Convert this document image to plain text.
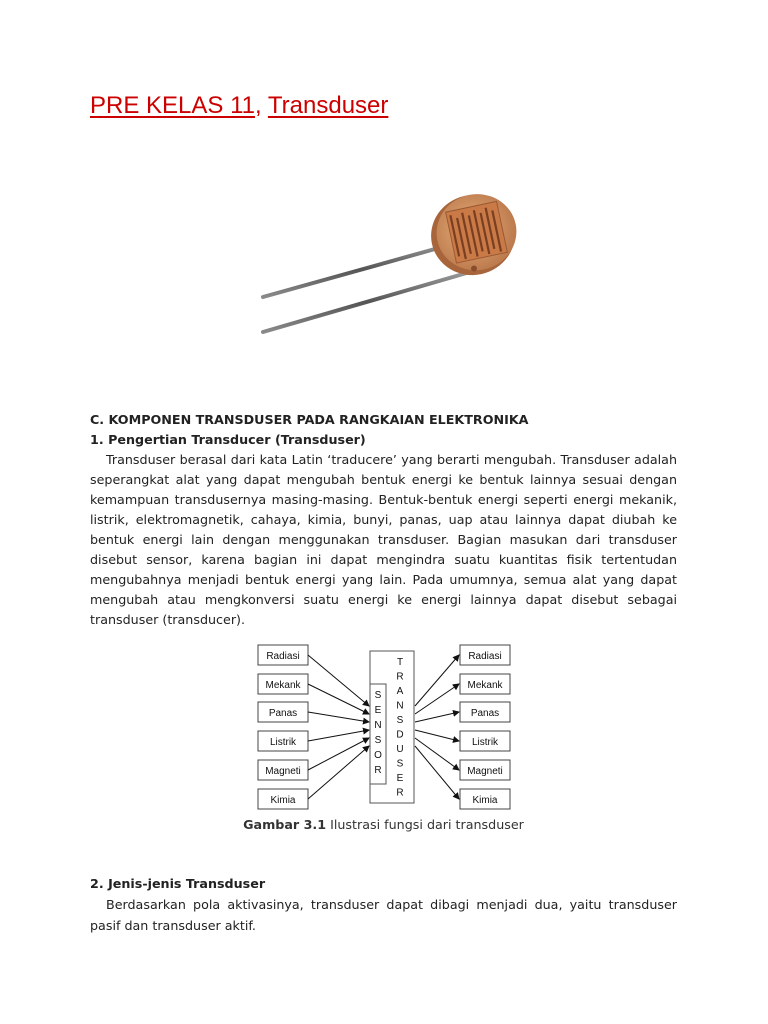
PRE KELAS 11, Transduser

C. KOMPONEN TRANSDUSER PADA RANGKAIAN ELEKTRONIKA

1. Pengertian Transducer (Transduser)

Transduser berasal dari kata Latin ‘traducere’ yang berarti mengubah. Transduser adalah seperangkat alat yang dapat mengubah bentuk energi ke bentuk lainnya sesuai dengan kemampuan transdusernya masing-masing. Bentuk-bentuk energi seperti energi mekanik, listrik, elektromagnetik, cahaya, kimia, bunyi, panas, uap atau lainnya dapat diubah ke bentuk energi lain dengan menggunakan transduser. Bagian masukan dari transduser disebut sensor, karena bagian ini dapat mengindra suatu kuantitas fisik tertentudan mengubahnya menjadi bentuk energi yang lain. Pada umumnya, semua alat yang dapat mengubah atau mengkonversi suatu energi ke energi lainnya dapat disebut sebagai transduser (transducer).

Radiasi
Mekank
Panas
Listrik
Magneti
Kimia
Radiasi
Mekank
Panas
Listrik
Magneti
Kimia
S
E
N
S
O
R
T
R
A
N
S
D
U
S
E
R
Gambar 3.1 Ilustrasi fungsi dari transduser

2. Jenis-jenis Transduser

Berdasarkan pola aktivasinya, transduser dapat dibagi menjadi dua, yaitu transduser pasif dan transduser aktif.
